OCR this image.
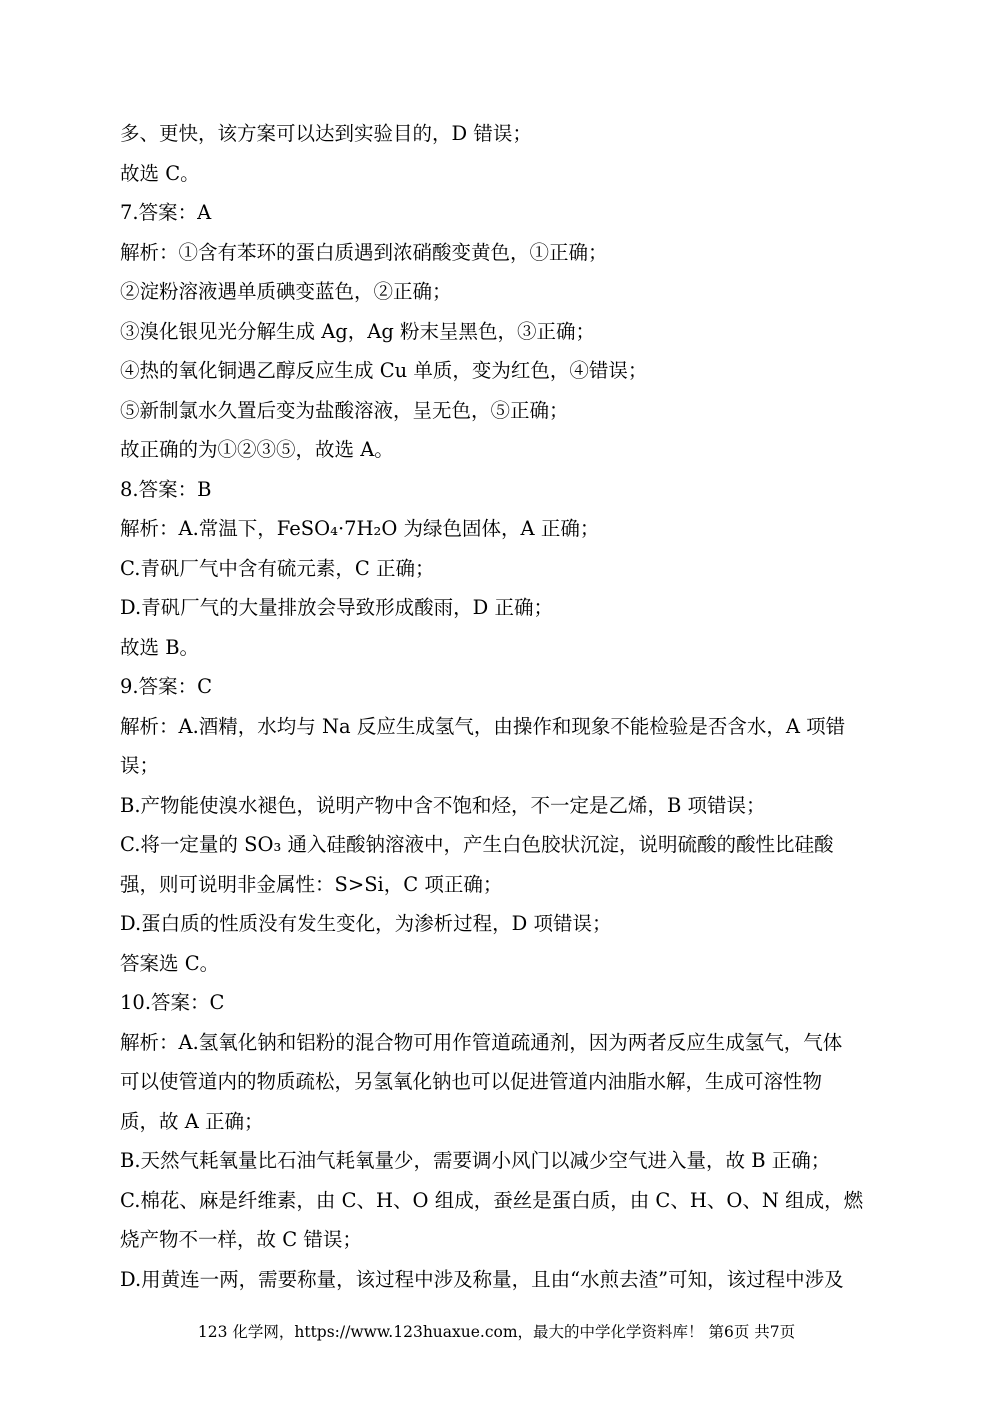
多、更快，该方案可以达到实验目的，D 错误；
故选 C。
7.答案：A
解析：①含有苯环的蛋白质遇到浓硝酸变黄色，①正确；
②淀粉溶液遇单质碘变蓝色，②正确；
③溴化银见光分解生成 Ag，Ag 粉末呈黑色，③正确；
④热的氧化铜遇乙醇反应生成 Cu 单质，变为红色，④错误；
⑤新制氯水久置后变为盐酸溶液，呈无色，⑤正确；
故正确的为①②③⑤，故选 A。
8.答案：B
解析：A.常温下，FeSO₄·7H₂O 为绿色固体，A 正确；
C.青矾厂气中含有硫元素，C 正确；
D.青矾厂气的大量排放会导致形成酸雨，D 正确；
故选 B。
9.答案：C
解析：A.酒精，水均与 Na 反应生成氢气，由操作和现象不能检验是否含水，A 项错
误；
B.产物能使溴水褪色，说明产物中含不饱和烃，不一定是乙烯，B 项错误；
C.将一定量的 SO₃ 通入硅酸钠溶液中，产生白色胶状沉淀，说明硫酸的酸性比硅酸
强，则可说明非金属性：S>Si，C 项正确；
D.蛋白质的性质没有发生变化，为渗析过程，D 项错误；
答案选 C。
10.答案：C
解析：A.氢氧化钠和铝粉的混合物可用作管道疏通剂，因为两者反应生成氢气，气体
可以使管道内的物质疏松，另氢氧化钠也可以促进管道内油脂水解，生成可溶性物
质，故 A 正确；
B.天然气耗氧量比石油气耗氧量少，需要调小风门以减少空气进入量，故 B 正确；
C.棉花、麻是纤维素，由 C、H、O 组成，蚕丝是蛋白质，由 C、H、O、N 组成，燃
烧产物不一样，故 C 错误；
D.用黄连一两，需要称量，该过程中涉及称量，且由“水煎去渣”可知，该过程中涉及
123 化学网，https://www.123huaxue.com，最大的中学化学资料库！ 第6页 共7页
